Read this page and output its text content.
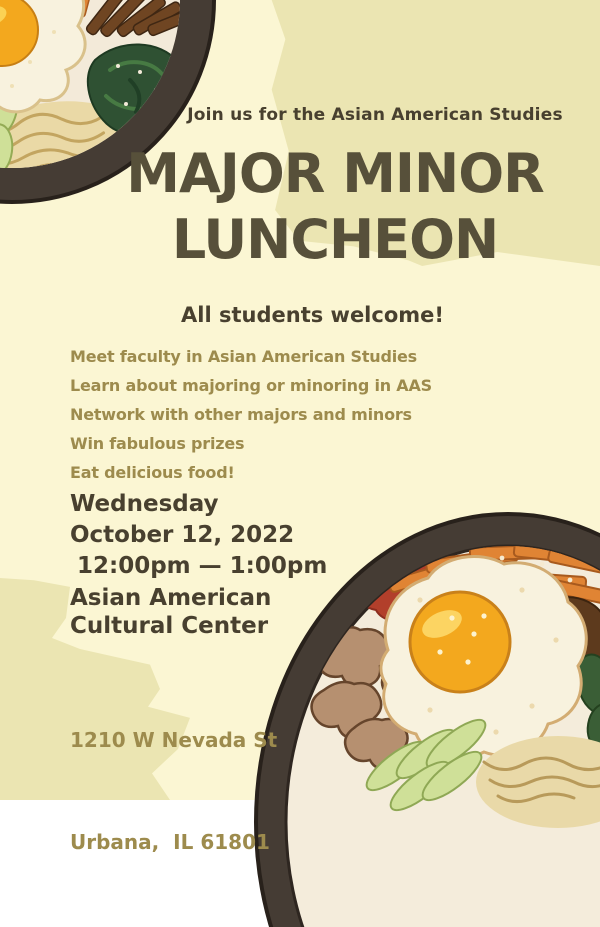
Join us for the Asian American Studies
MAJOR MINOR
LUNCHEON
All students welcome!
Meet faculty in Asian American Studies
Learn about majoring or minoring in AAS
Network with other majors and minors
Win fabulous prizes
Eat delicious food!
Wednesday
October 12, 2022
12:00pm — 1:00pm
Asian American
Cultural Center

1210 W Nevada St

Urbana,  IL 61801
